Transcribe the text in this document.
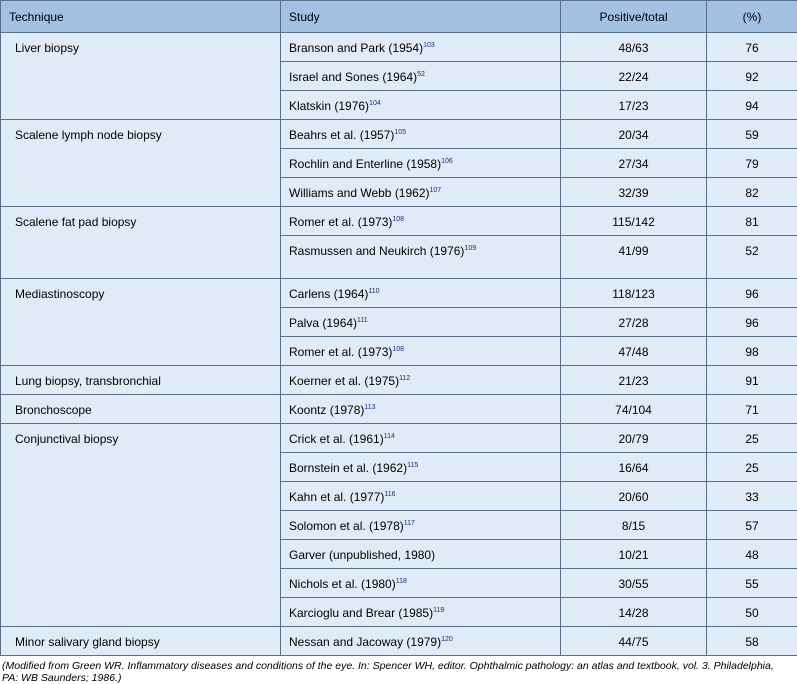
Technique	Study	Positive/total	(%)
Liver biopsy	Branson and Park $(1954)^{103}$	48/63	76
	Israel and Sones $(1964)^{52}$	22/24	92
	Klatskin $(1976)^{104}$	17/23	94
Scalene lymph node biopsy	Beahrs et al. $(1957)^{105}$	20/34	59
	Rochlin and Enterline $(1958)^{106}$	27/34	79
	Williams and Webb $(1962)^{107}$	32/39	82
Scalene fat pad biopsy	Romer et al. $(1973)^{108}$	115/142	81
	Rasmussen and Neukirch $(1976)^{109}$	41/99	52
Mediastinoscopy	Carlens $(1964)^{110}$	118/123	96
	Palva $(1964)^{111}$	27/28	96
	Romer et al. $(1973)^{108}$	47/48	98
Lung biopsy, transbronchial	Koerner et al. $(1975)^{112}$	21/23	91
Bronchoscope	Koontz $(1978)^{113}$	74/104	71
Conjunctival biopsy	Crick et al. $(1961)^{114}$	20/79	25
	Bornstein et al. $(1962)^{115}$	16/64	25
	Kahn et al. $(1977)^{116}$	20/60	33
	Solomon et al. $(1978)^{117}$	8/15	57
	Garver (unpublished, 1980)	10/21	48
	Nichols et al. $(1980)^{118}$	30/55	55
	Karcioglu and Brear $(1985)^{119}$	14/28	50
Minor salivary gland biopsy	Nessan and Jacoway $(1979)^{120}$	44/75	58
(Modified from Green WR. Inflammatory diseases and conditions of the eye. In: Spencer WH, editor. Ophthalmic pathology: an atlas and textbook, vol. 3. Philadelphia, PA: WB Saunders; 1986.)
